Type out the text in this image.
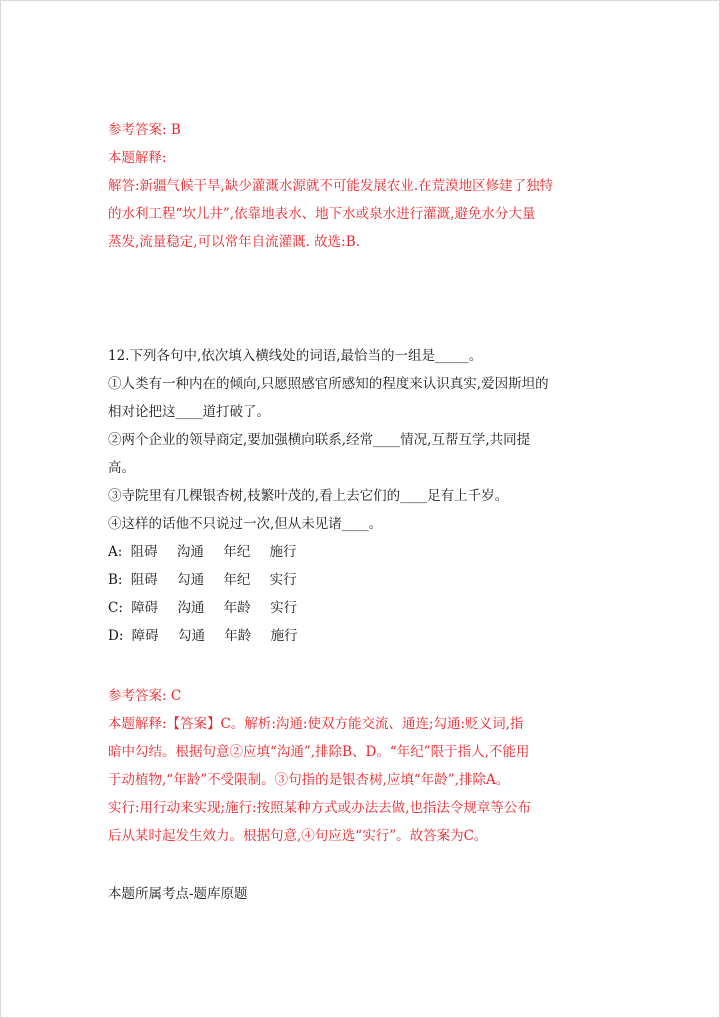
参考答案: B
本题解释:
解答:新疆气候干旱,缺少灌溉水源就不可能发展农业.在荒漠地区修建了独特
的水利工程“坎儿井”,依靠地表水、地下水或泉水进行灌溉,避免水分大量
蒸发,流量稳定,可以常年自流灌溉. 故选:B.
12.下列各句中,依次填入横线处的词语,最恰当的一组是_____。
①人类有一种内在的倾向,只愿照感官所感知的程度来认识真实,爱因斯坦的
相对论把这____道打破了。
②两个企业的领导商定,要加强横向联系,经常____情况,互帮互学,共同提
高。
③寺院里有几棵银杏树,枝繁叶茂的,看上去它们的____足有上千岁。
④这样的话他不只说过一次,但从未见诸____。
A: 阻碍 沟通 年纪 施行
B: 阻碍 勾通 年纪 实行
C: 障碍 沟通 年龄 实行
D: 障碍 勾通 年龄 施行
参考答案: C
本题解释:【答案】C。解析:沟通:使双方能交流、通连;勾通:贬义词,指
暗中勾结。根据句意②应填“沟通”,排除B、D。“年纪”限于指人,不能用
于动植物,“年龄”不受限制。③句指的是银杏树,应填“年龄”,排除A。
实行:用行动来实现;施行:按照某种方式或办法去做,也指法令规章等公布
后从某时起发生效力。根据句意,④句应选“实行”。故答案为C。
本题所属考点-题库原题
